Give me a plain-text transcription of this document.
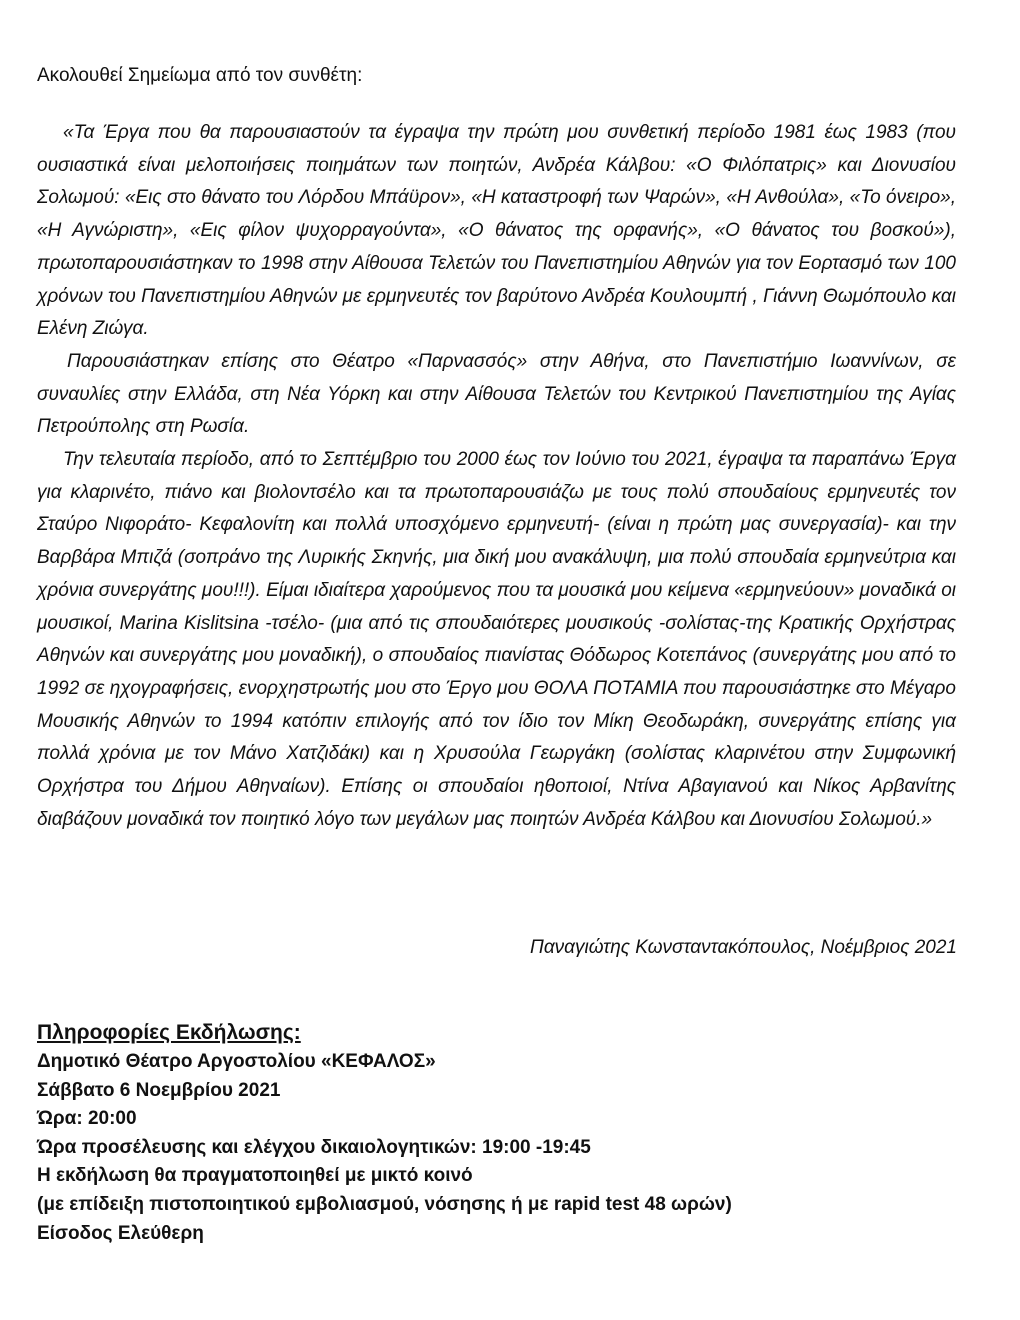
Ακολουθεί Σημείωμα από τον συνθέτη:

«Τα Έργα που θα παρουσιαστούν τα έγραψα την πρώτη μου συνθετική περίοδο 1981 έως 1983 (που ουσιαστικά είναι μελοποιήσεις ποιημάτων των ποιητών, Ανδρέα Κάλβου: «Ο Φιλόπατρις» και Διονυσίου Σολωμού: «Εις στο θάνατο του Λόρδου Μπάϋρον», «Η καταστροφή των Ψαρών», «Η Ανθούλα», «Το όνειρο», «Η Αγνώριστη», «Εις φίλον ψυχορραγούντα», «Ο θάνατος της ορφανής», «Ο θάνατος του βοσκού»), πρωτοπαρουσιάστηκαν το 1998 στην Αίθουσα Τελετών του Πανεπιστημίου Αθηνών για τον Εορτασμό των 100 χρόνων του Πανεπιστημίου Αθηνών με ερμηνευτές τον βαρύτονο Ανδρέα Κουλουμπή , Γιάννη Θωμόπουλο και Ελένη Ζιώγα.

Παρουσιάστηκαν επίσης στο Θέατρο «Παρνασσός» στην Αθήνα, στο Πανεπιστήμιο Ιωαννίνων, σε συναυλίες στην Ελλάδα, στη Νέα Υόρκη και στην Αίθουσα Τελετών του Κεντρικού Πανεπιστημίου της Αγίας Πετρούπολης στη Ρωσία.

Την τελευταία περίοδο, από το Σεπτέμβριο του 2000 έως τον Ιούνιο του 2021, έγραψα τα παραπάνω Έργα για κλαρινέτο, πιάνο και βιολοντσέλο και τα πρωτοπαρουσιάζω με τους πολύ σπουδαίους ερμηνευτές τον Σταύρο Νιφοράτο- Κεφαλονίτη και πολλά υποσχόμενο ερμηνευτή- (είναι η πρώτη μας συνεργασία)- και την Βαρβάρα Μπιζά (σοπράνο της Λυρικής Σκηνής, μια δική μου ανακάλυψη, μια πολύ σπουδαία ερμηνεύτρια και χρόνια συνεργάτης μου!!!). Είμαι ιδιαίτερα χαρούμενος που τα μουσικά μου κείμενα «ερμηνεύουν» μοναδικά οι μουσικοί, Marina Kislitsina -τσέλο- (μια από τις σπουδαιότερες μουσικούς -σολίστας-της Κρατικής Ορχήστρας Αθηνών και συνεργάτης μου μοναδική), ο σπουδαίος πιανίστας Θόδωρος Κοτεπάνος (συνεργάτης μου από το 1992 σε ηχογραφήσεις, ενορχηστρωτής μου στο Έργο μου ΘΟΛΑ ΠΟΤΑΜΙΑ που παρουσιάστηκε στο Μέγαρο Μουσικής Αθηνών το 1994 κατόπιν επιλογής από τον ίδιο τον Μίκη Θεοδωράκη, συνεργάτης επίσης για πολλά χρόνια με τον Μάνο Χατζιδάκι) και η Χρυσούλα Γεωργάκη (σολίστας κλαρινέτου στην Συμφωνική Ορχήστρα του Δήμου Αθηναίων). Επίσης οι σπουδαίοι ηθοποιοί, Ντίνα Αβαγιανού και Νίκος Αρβανίτης διαβάζουν μοναδικά τον ποιητικό λόγο των μεγάλων μας ποιητών Ανδρέα Κάλβου και Διονυσίου Σολωμού.»

Παναγιώτης Κωνσταντακόπουλος, Νοέμβριος 2021
Πληροφορίες Εκδήλωσης:
Δημοτικό Θέατρο Αργοστολίου «ΚΕΦΑΛΟΣ»
Σάββατο 6 Νοεμβρίου 2021
Ώρα: 20:00
Ώρα προσέλευσης και ελέγχου δικαιολογητικών: 19:00 -19:45
Η εκδήλωση θα πραγματοποιηθεί με μικτό κοινό
(με επίδειξη πιστοποιητικού εμβολιασμού, νόσησης ή με rapid test 48 ωρών)
Είσοδος Ελεύθερη
